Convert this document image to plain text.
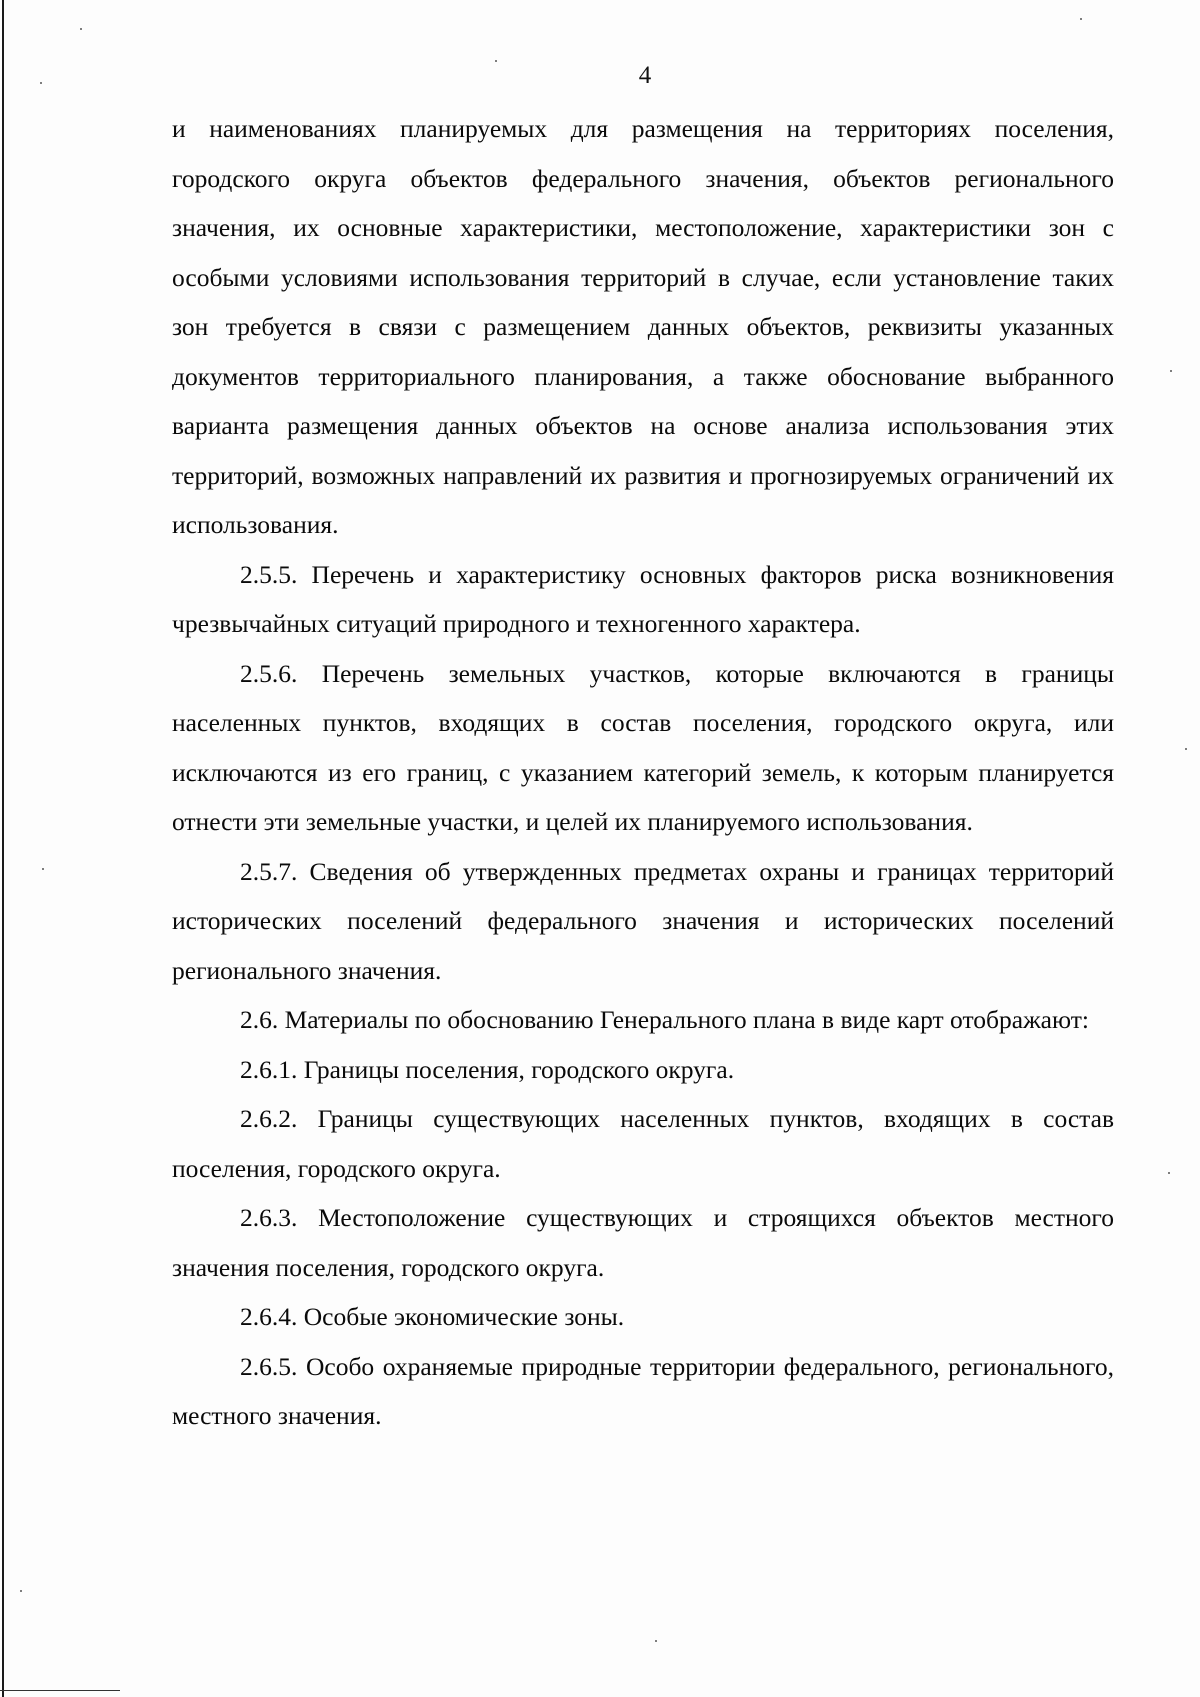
4

и наименованиях планируемых для размещения на территориях поселения, городского округа объектов федерального значения, объектов регионального значения, их основные характеристики, местоположение, характеристики зон с особыми условиями использования территорий в случае, если установление таких зон требуется в связи с размещением данных объектов, реквизиты указанных документов территориального планирования, а также обоснование выбранного варианта размещения данных объектов на основе анализа использования этих территорий, возможных направлений их развития и прогнозируемых ограничений их использования.

2.5.5. Перечень и характеристику основных факторов риска возникновения чрезвычайных ситуаций природного и техногенного характера.

2.5.6. Перечень земельных участков, которые включаются в границы населенных пунктов, входящих в состав поселения, городского округа, или исключаются из его границ, с указанием категорий земель, к которым планируется отнести эти земельные участки, и целей их планируемого использования.

2.5.7. Сведения об утвержденных предметах охраны и границах территорий исторических поселений федерального значения и исторических поселений регионального значения.

2.6. Материалы по обоснованию Генерального плана в виде карт отображают:

2.6.1. Границы поселения, городского округа.

2.6.2. Границы существующих населенных пунктов, входящих в состав поселения, городского округа.

2.6.3. Местоположение существующих и строящихся объектов местного значения поселения, городского округа.

2.6.4. Особые экономические зоны.

2.6.5. Особо охраняемые природные территории федерального, регионального, местного значения.
